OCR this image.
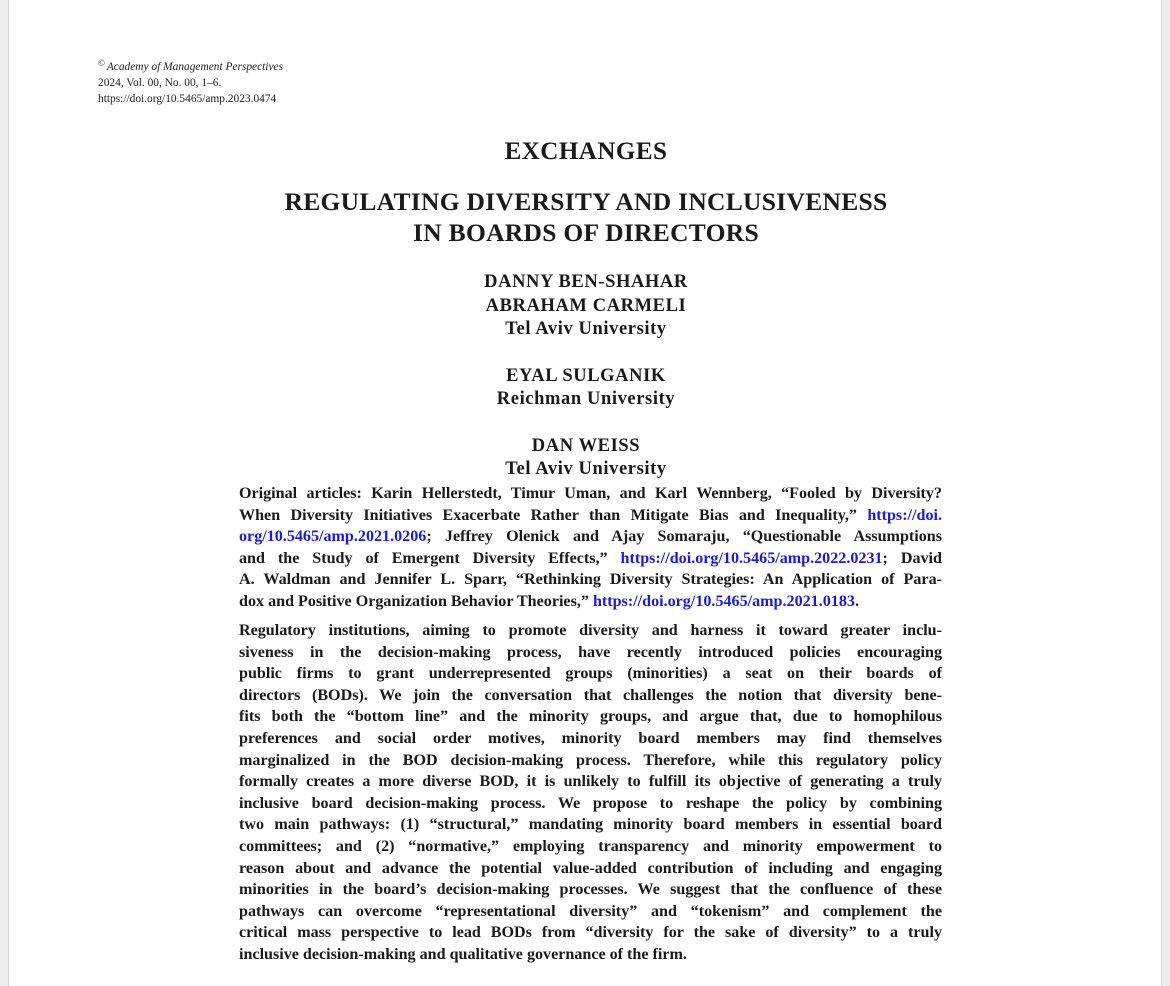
© Academy of Management Perspectives
2024, Vol. 00, No. 00, 1–6.
https://doi.org/10.5465/amp.2023.0474
EXCHANGES
REGULATING DIVERSITY AND INCLUSIVENESS
IN BOARDS OF DIRECTORS
DANNY BEN-SHAHAR
ABRAHAM CARMELI
Tel Aviv University
EYAL SULGANIK
Reichman University
DAN WEISS
Tel Aviv University
Original articles: Karin Hellerstedt, Timur Uman, and Karl Wennberg, “Fooled by Diversity?
When Diversity Initiatives Exacerbate Rather than Mitigate Bias and Inequality,” https://doi.
org/10.5465/amp.2021.0206; Jeffrey Olenick and Ajay Somaraju, “Questionable Assumptions
and the Study of Emergent Diversity Effects,” https://doi.org/10.5465/amp.2022.0231; David
A. Waldman and Jennifer L. Sparr, “Rethinking Diversity Strategies: An Application of Para-
dox and Positive Organization Behavior Theories,” https://doi.org/10.5465/amp.2021.0183.
Regulatory institutions, aiming to promote diversity and harness it toward greater inclu-
siveness in the decision-making process, have recently introduced policies encouraging
public firms to grant underrepresented groups (minorities) a seat on their boards of
directors (BODs). We join the conversation that challenges the notion that diversity bene-
fits both the “bottom line” and the minority groups, and argue that, due to homophilous
preferences and social order motives, minority board members may find themselves
marginalized in the BOD decision-making process. Therefore, while this regulatory policy
formally creates a more diverse BOD, it is unlikely to fulfill its objective of generating a truly
inclusive board decision-making process. We propose to reshape the policy by combining
two main pathways: (1) “structural,” mandating minority board members in essential board
committees; and (2) “normative,” employing transparency and minority empowerment to
reason about and advance the potential value-added contribution of including and engaging
minorities in the board’s decision-making processes. We suggest that the confluence of these
pathways can overcome “representational diversity” and “tokenism” and complement the
critical mass perspective to lead BODs from “diversity for the sake of diversity” to a truly
inclusive decision-making and qualitative governance of the firm.
